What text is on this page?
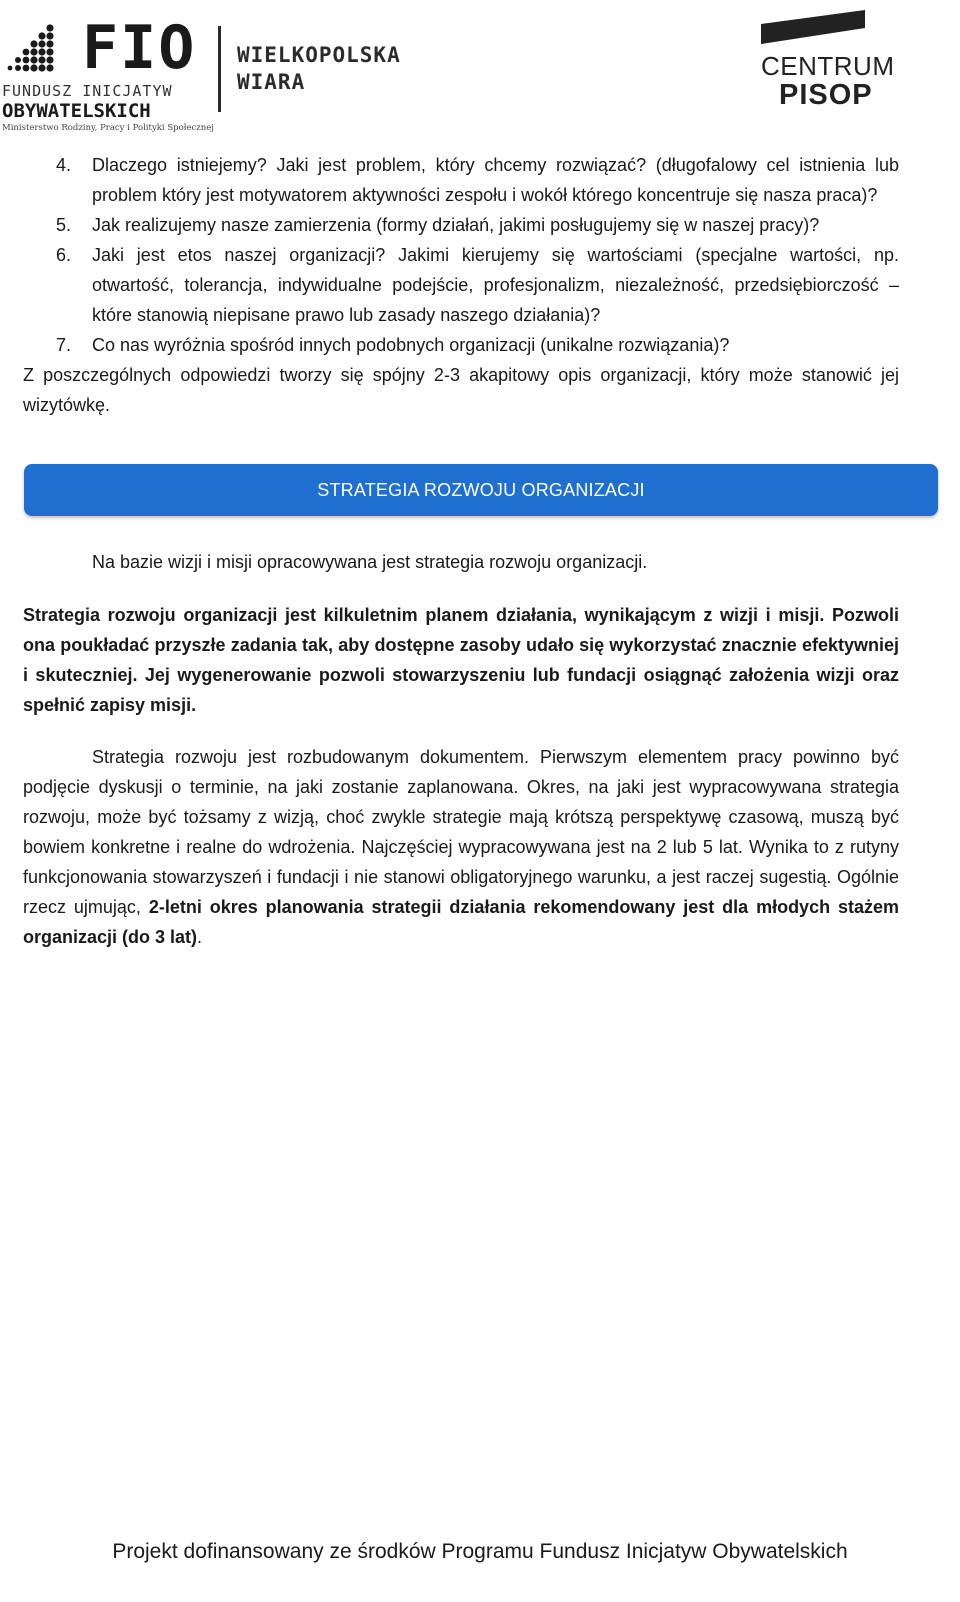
FIO
FUNDUSZ INICJATYW
OBYWATELSKICH
Ministerstwo Rodziny, Pracy i Polityki Społecznej
WIELKOPOLSKA
WIARA
CENTRUM
PISOP
4. Dlaczego istniejemy? Jaki jest problem, który chcemy rozwiązać? (długofalowy cel istnienia lub problem który jest motywatorem aktywności zespołu i wokół którego koncentruje się nasza praca)?
5. Jak realizujemy nasze zamierzenia (formy działań, jakimi posługujemy się w naszej pracy)?
6. Jaki jest etos naszej organizacji? Jakimi kierujemy się wartościami (specjalne wartości, np. otwartość, tolerancja, indywidualne podejście, profesjonalizm, niezależność, przedsiębiorczość – które stanowią niepisane prawo lub zasady naszego działania)?
7. Co nas wyróżnia spośród innych podobnych organizacji (unikalne rozwiązania)?

Z poszczególnych odpowiedzi tworzy się spójny 2-3 akapitowy opis organizacji, który może stanowić jej wizytówkę.

STRATEGIA ROZWOJU ORGANIZACJI

Na bazie wizji i misji opracowywana jest strategia rozwoju organizacji.

Strategia rozwoju organizacji jest kilkuletnim planem działania, wynikającym z wizji i misji. Pozwoli ona poukładać przyszłe zadania tak, aby dostępne zasoby udało się wykorzystać znacznie efektywniej i skuteczniej. Jej wygenerowanie pozwoli stowarzyszeniu lub fundacji osiągnąć założenia wizji oraz spełnić zapisy misji.

Strategia rozwoju jest rozbudowanym dokumentem. Pierwszym elementem pracy powinno być podjęcie dyskusji o terminie, na jaki zostanie zaplanowana. Okres, na jaki jest wypracowywana strategia rozwoju, może być tożsamy z wizją, choć zwykle strategie mają krótszą perspektywę czasową, muszą być bowiem konkretne i realne do wdrożenia. Najczęściej wypracowywana jest na 2 lub 5 lat. Wynika to z rutyny funkcjonowania stowarzyszeń i fundacji i nie stanowi obligatoryjnego warunku, a jest raczej sugestią. Ogólnie rzecz ujmując, 2-letni okres planowania strategii działania rekomendowany jest dla młodych stażem organizacji (do 3 lat).

Projekt dofinansowany ze środków Programu Fundusz Inicjatyw Obywatelskich
